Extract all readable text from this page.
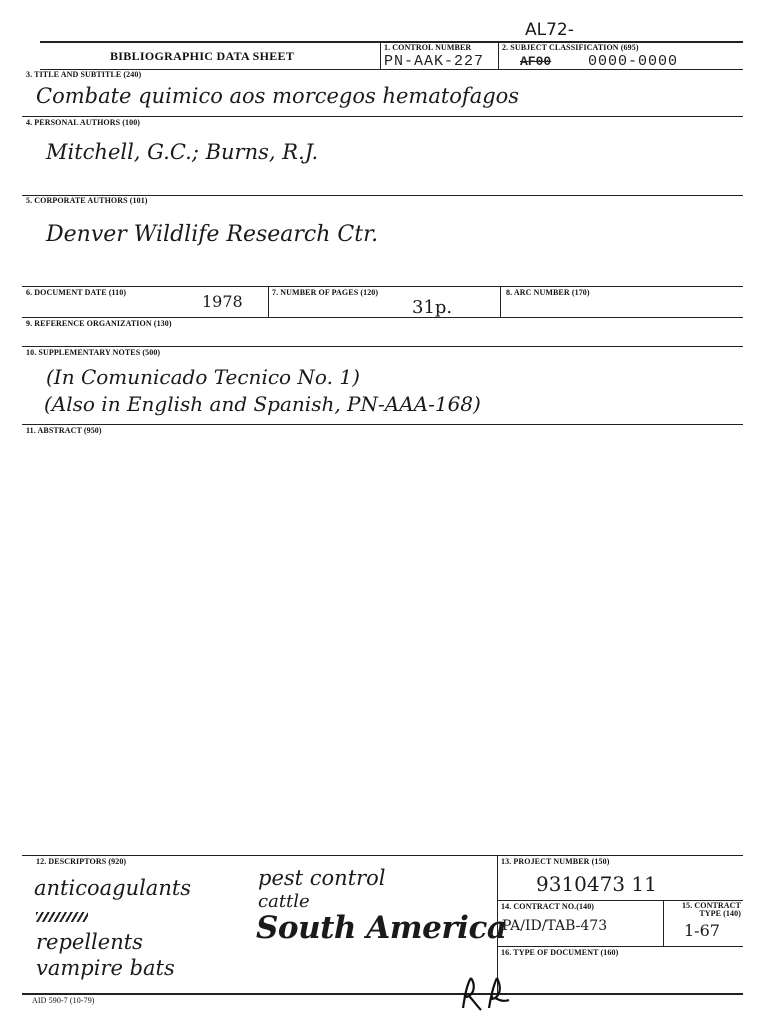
AL72-
BIBLIOGRAPHIC DATA SHEET
1. CONTROL NUMBER
PN-AAK-227
2. SUBJECT CLASSIFICATION (695)
AF00 0000-0000
3. TITLE AND SUBTITLE (240)
Combate quimico aos morcegos hematofagos
4. PERSONAL AUTHORS (100)
Mitchell, G.C.; Burns, R.J.
5. CORPORATE AUTHORS (101)
Denver Wildlife Research Ctr.
6. DOCUMENT DATE (110)	1978	7. NUMBER OF PAGES (120)
31p.
8. ARC NUMBER (170)
9. REFERENCE ORGANIZATION (130)
10. SUPPLEMENTARY NOTES (500)
(In Comunicado Tecnico No. 1)
(Also in English and Spanish, PN-AAA-168)
11. ABSTRACT (950)
12. DESCRIPTORS (920)
anticoagulants
repellents
vampire bats
pest control
cattle
South America
13. PROJECT NUMBER (150)
9310473 11
14. CONTRACT NO.(140)
PA/ID/TAB-473
15. CONTRACT TYPE (140)
1-67
16. TYPE OF DOCUMENT (160)
AID 590-7 (10-79)
